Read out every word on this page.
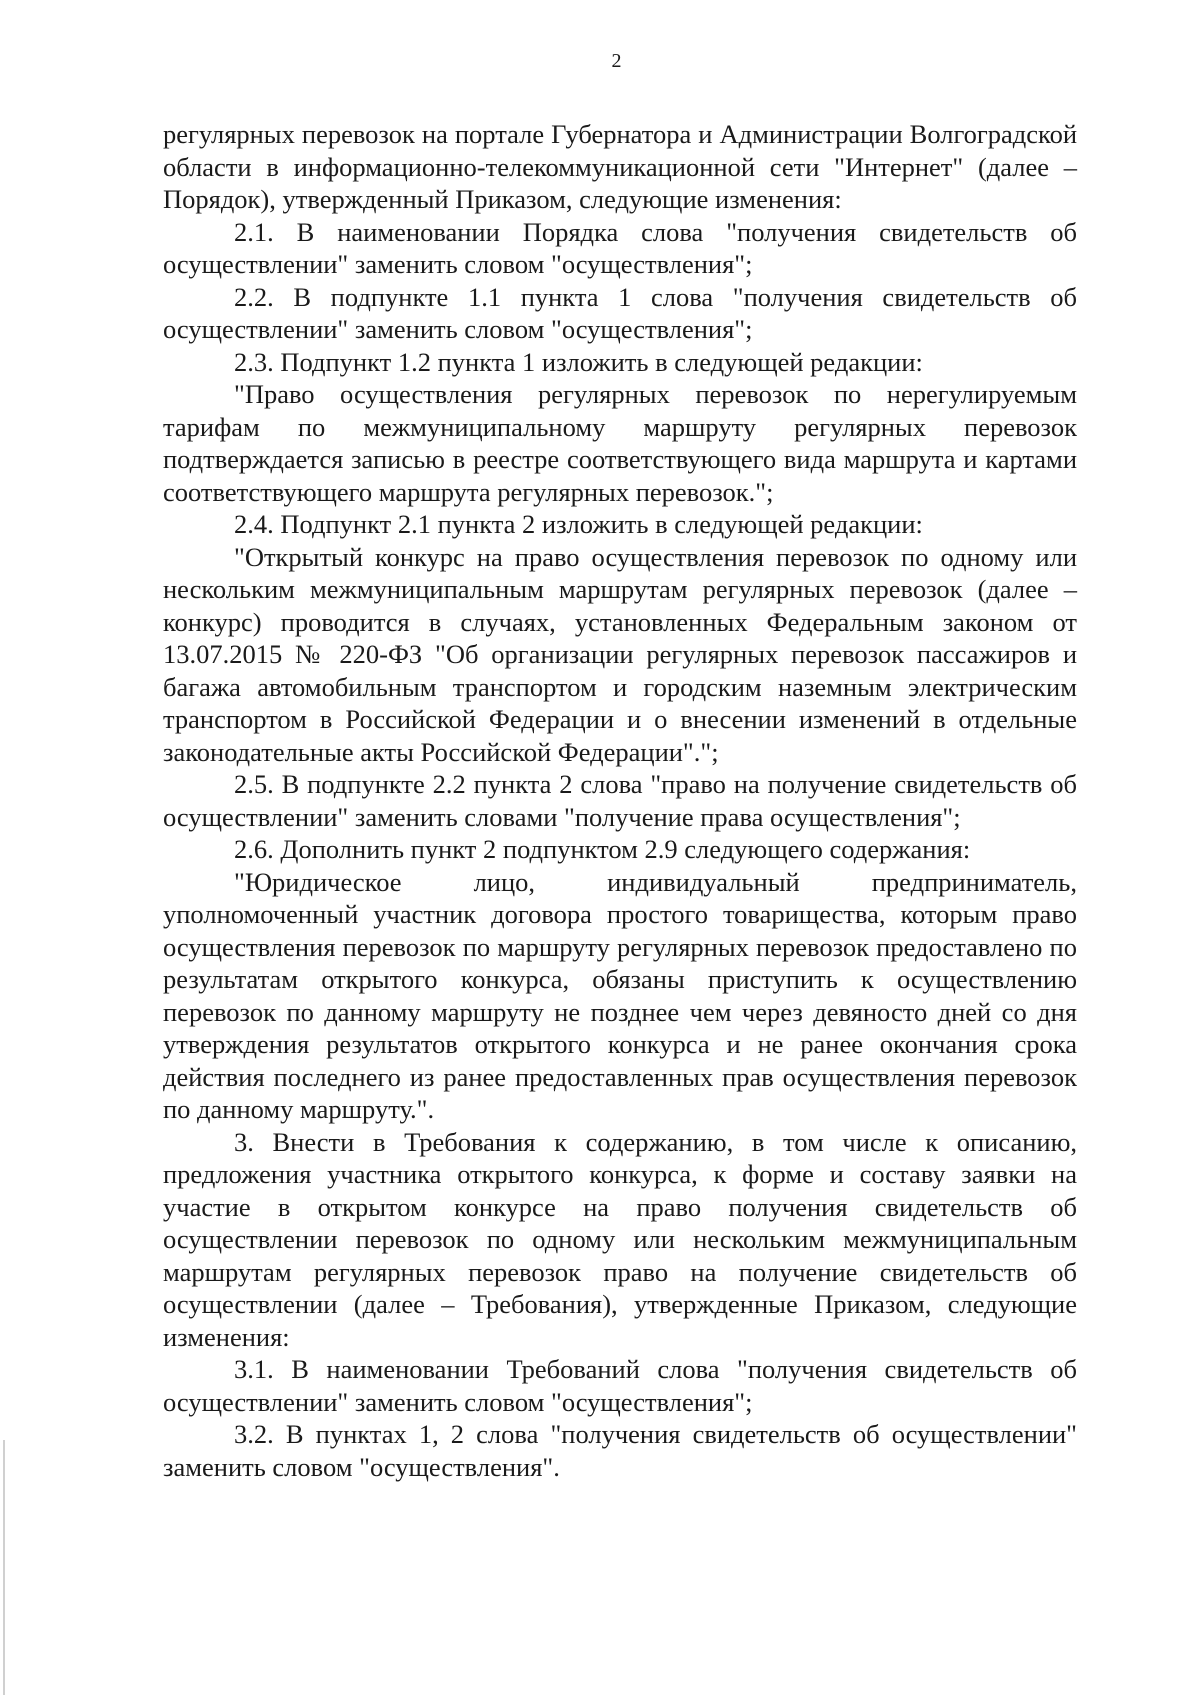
2

регулярных перевозок на портале Губернатора и Администрации Волгоградской области в информационно-телекоммуникационной сети "Интернет" (далее – Порядок), утвержденный Приказом, следующие изменения:

2.1. В наименовании Порядка слова "получения свидетельств об осуществлении" заменить словом "осуществления";

2.2. В подпункте 1.1 пункта 1 слова "получения свидетельств об осуществлении" заменить словом "осуществления";

2.3. Подпункт 1.2 пункта 1 изложить в следующей редакции:

"Право осуществления регулярных перевозок по нерегулируемым тарифам по межмуниципальному маршруту регулярных перевозок подтверждается записью в реестре соответствующего вида маршрута и картами соответствующего маршрута регулярных перевозок.";

2.4. Подпункт 2.1 пункта 2 изложить в следующей редакции:

"Открытый конкурс на право осуществления перевозок по одному или нескольким межмуниципальным маршрутам регулярных перевозок (далее – конкурс) проводится в случаях, установленных Федеральным законом от 13.07.2015 № 220-ФЗ "Об организации регулярных перевозок пассажиров и багажа автомобильным транспортом и городским наземным электрическим транспортом в Российской Федерации и о внесении изменений в отдельные законодательные акты Российской Федерации".";

2.5. В подпункте 2.2 пункта 2 слова "право на получение свидетельств об осуществлении" заменить словами "получение права осуществления";

2.6. Дополнить пункт 2 подпунктом 2.9 следующего содержания:

"Юридическое лицо, индивидуальный предприниматель, уполномоченный участник договора простого товарищества, которым право осуществления перевозок по маршруту регулярных перевозок предоставлено по результатам открытого конкурса, обязаны приступить к осуществлению перевозок по данному маршруту не позднее чем через девяносто дней со дня утверждения результатов открытого конкурса и не ранее окончания срока действия последнего из ранее предоставленных прав осуществления перевозок по данному маршруту.".

3. Внести в Требования к содержанию, в том числе к описанию, предложения участника открытого конкурса, к форме и составу заявки на участие в открытом конкурсе на право получения свидетельств об осуществлении перевозок по одному или нескольким межмуниципальным маршрутам регулярных перевозок право на получение свидетельств об осуществлении (далее – Требования), утвержденные Приказом, следующие изменения:

3.1. В наименовании Требований слова "получения свидетельств об осуществлении" заменить словом "осуществления";

3.2. В пунктах 1, 2 слова "получения свидетельств об осуществлении" заменить словом "осуществления".
